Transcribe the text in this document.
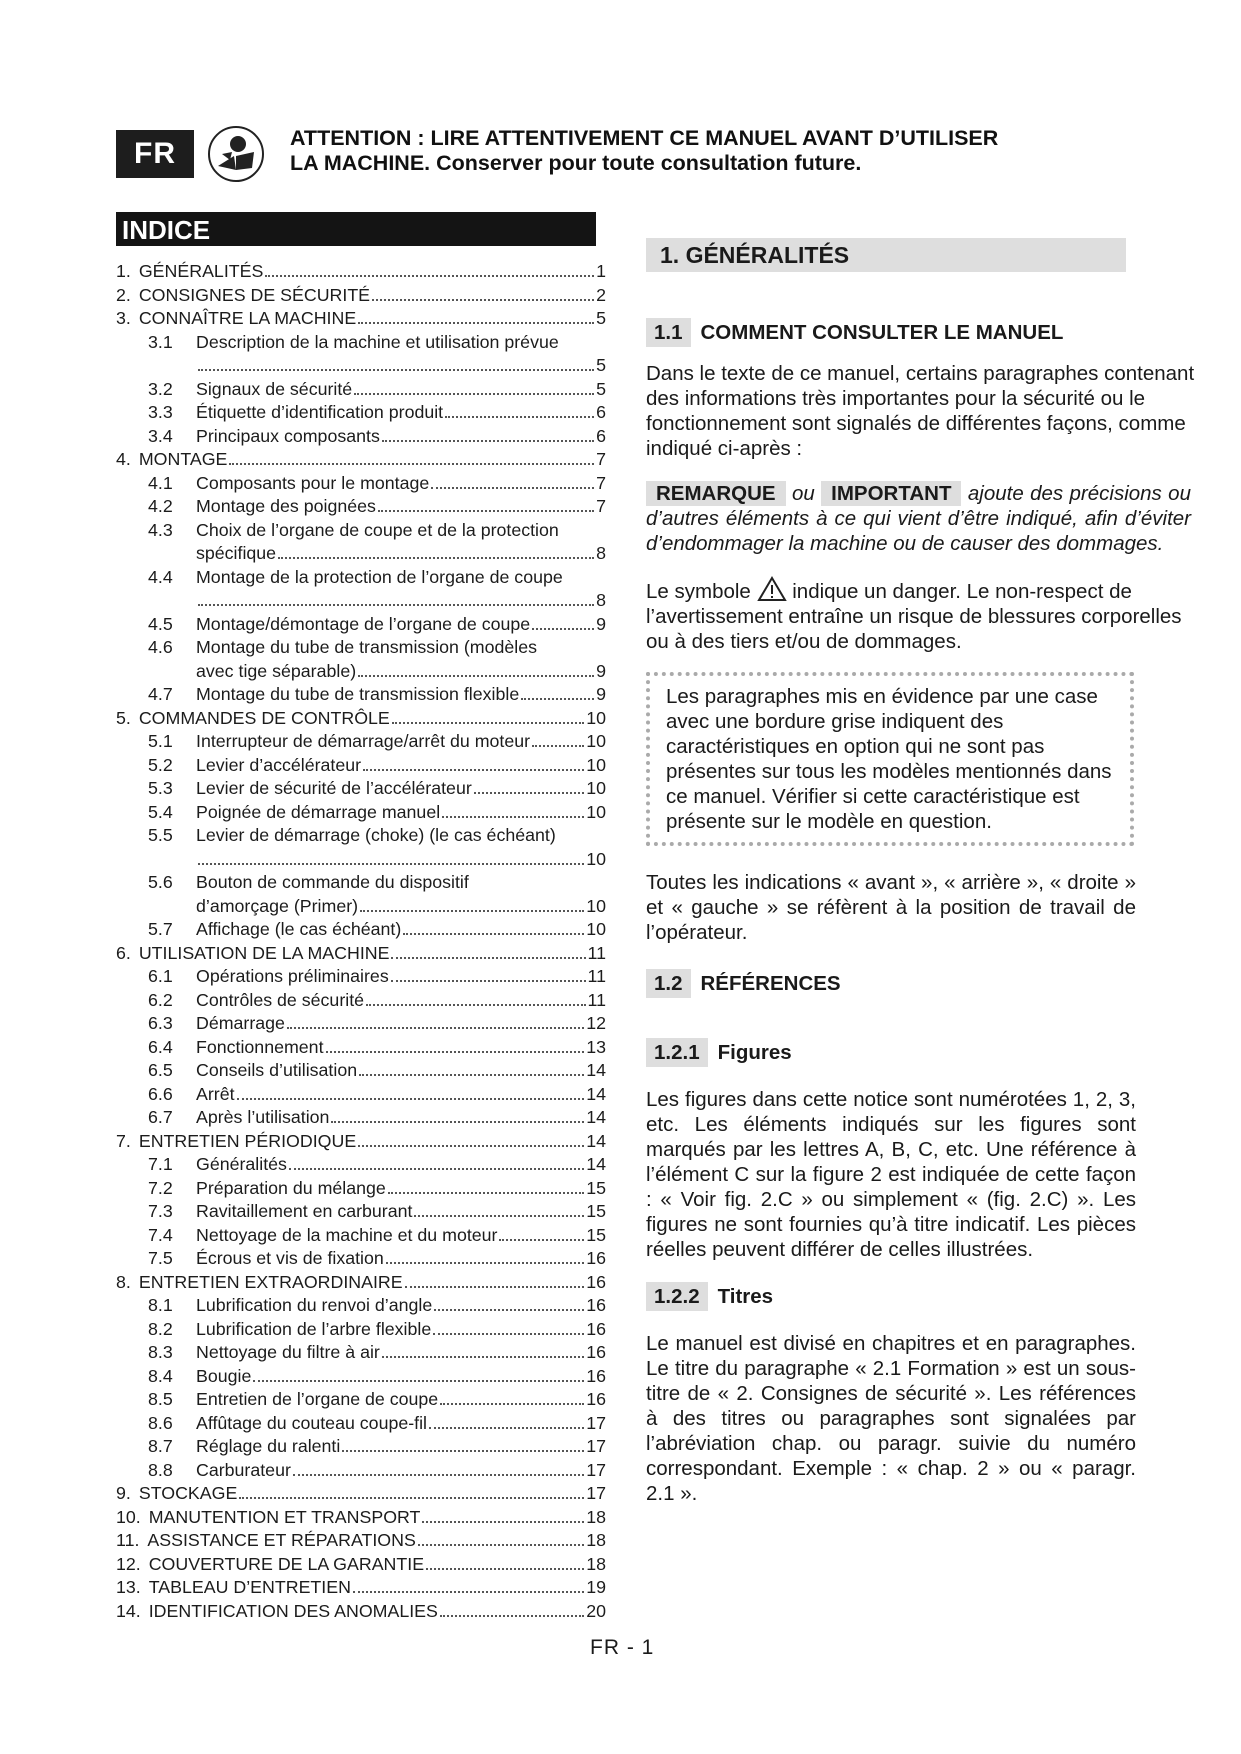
FR	ATTENTION : LIRE ATTENTIVEMENT CE MANUEL AVANT D’UTILISER
LA MACHINE. Conserver pour toute consultation future.
INDICE
1. GÉNÉRALITÉS	1
2. CONSIGNES DE SÉCURITÉ	2
3. CONNAÎTRE LA MACHINE	5
3.1	Description de la machine et utilisation prévue
5
3.2	Signaux de sécurité	5
3.3	Étiquette d’identification produit	6
3.4	Principaux composants	6
4. MONTAGE	7
4.1	Composants pour le montage	7
4.2	Montage des poignées	7
4.3	Choix de l’organe de coupe et de la protection
spécifique	8
4.4	Montage de la protection de l’organe de coupe
8
4.5	Montage/démontage de l’organe de coupe	9
4.6	Montage du tube de transmission (modèles
avec tige séparable)	9
4.7	Montage du tube de transmission flexible	9
5. COMMANDES DE CONTRÔLE	10
5.1	Interrupteur de démarrage/arrêt du moteur	10
5.2	Levier d’accélérateur	10
5.3	Levier de sécurité de l’accélérateur	10
5.4	Poignée de démarrage manuel	10
5.5	Levier de démarrage (choke) (le cas échéant)
10
5.6	Bouton de commande du dispositif
d’amorçage (Primer)	10
5.7	Affichage (le cas échéant)	10
6. UTILISATION DE LA MACHINE	11
6.1	Opérations préliminaires	11
6.2	Contrôles de sécurité	11
6.3	Démarrage	12
6.4	Fonctionnement	13
6.5	Conseils d’utilisation	14
6.6	Arrêt	14
6.7	Après l’utilisation	14
7. ENTRETIEN PÉRIODIQUE	14
7.1	Généralités	14
7.2	Préparation du mélange	15
7.3	Ravitaillement en carburant	15
7.4	Nettoyage de la machine et du moteur	15
7.5	Écrous et vis de fixation	16
8. ENTRETIEN EXTRAORDINAIRE	16
8.1	Lubrification du renvoi d’angle	16
8.2	Lubrification de l’arbre flexible	16
8.3	Nettoyage du filtre à air	16
8.4	Bougie	16
8.5	Entretien de l’organe de coupe	16
8.6	Affûtage du couteau coupe-fil	17
8.7	Réglage du ralenti	17
8.8	Carburateur	17
9. STOCKAGE	17
10. MANUTENTION ET TRANSPORT	18
11. ASSISTANCE ET RÉPARATIONS	18
12. COUVERTURE DE LA GARANTIE	18
13. TABLEAU D’ENTRETIEN	19
14. IDENTIFICATION DES ANOMALIES	20
1. GÉNÉRALITÉS
1.1 COMMENT CONSULTER LE MANUEL

Dans le texte de ce manuel, certains paragraphes contenant des informations très importantes pour la sécurité ou le fonctionnement sont signalés de différentes façons, comme indiqué ci-après :

REMARQUE ou IMPORTANT ajoute des précisions ou d’autres éléments à ce qui vient d’être indiqué, afin d’éviter d’endommager la machine ou de causer des dommages.

Le symbole indique un danger. Le non-respect de l’avertissement entraîne un risque de blessures corporelles ou à des tiers et/ou de dommages.

Les paragraphes mis en évidence par une case avec une bordure grise indiquent des caractéristiques en option qui ne sont pas présentes sur tous les modèles mentionnés dans ce manuel. Vérifier si cette caractéristique est présente sur le modèle en question.

Toutes les indications « avant », « arrière », « droite » et « gauche » se réfèrent à la position de travail de l’opérateur.

1.2 RÉFÉRENCES
1.2.1 Figures

Les figures dans cette notice sont numérotées 1, 2, 3, etc. Les éléments indiqués sur les figures sont marqués par les lettres A, B, C, etc. Une référence à l’élément C sur la figure 2 est indiquée de cette façon : « Voir fig. 2.C » ou simplement « (fig. 2.C) ». Les figures ne sont fournies qu’à titre indicatif. Les pièces réelles peuvent différer de celles illustrées.

1.2.2 Titres

Le manuel est divisé en chapitres et en paragraphes. Le titre du paragraphe « 2.1 Formation » est un sous-titre de « 2. Consignes de sécurité ». Les références à des titres ou paragraphes sont signalées par l’abréviation chap. ou paragr. suivie du numéro correspondant. Exemple : « chap. 2 » ou « paragr. 2.1 ».

FR - 1
